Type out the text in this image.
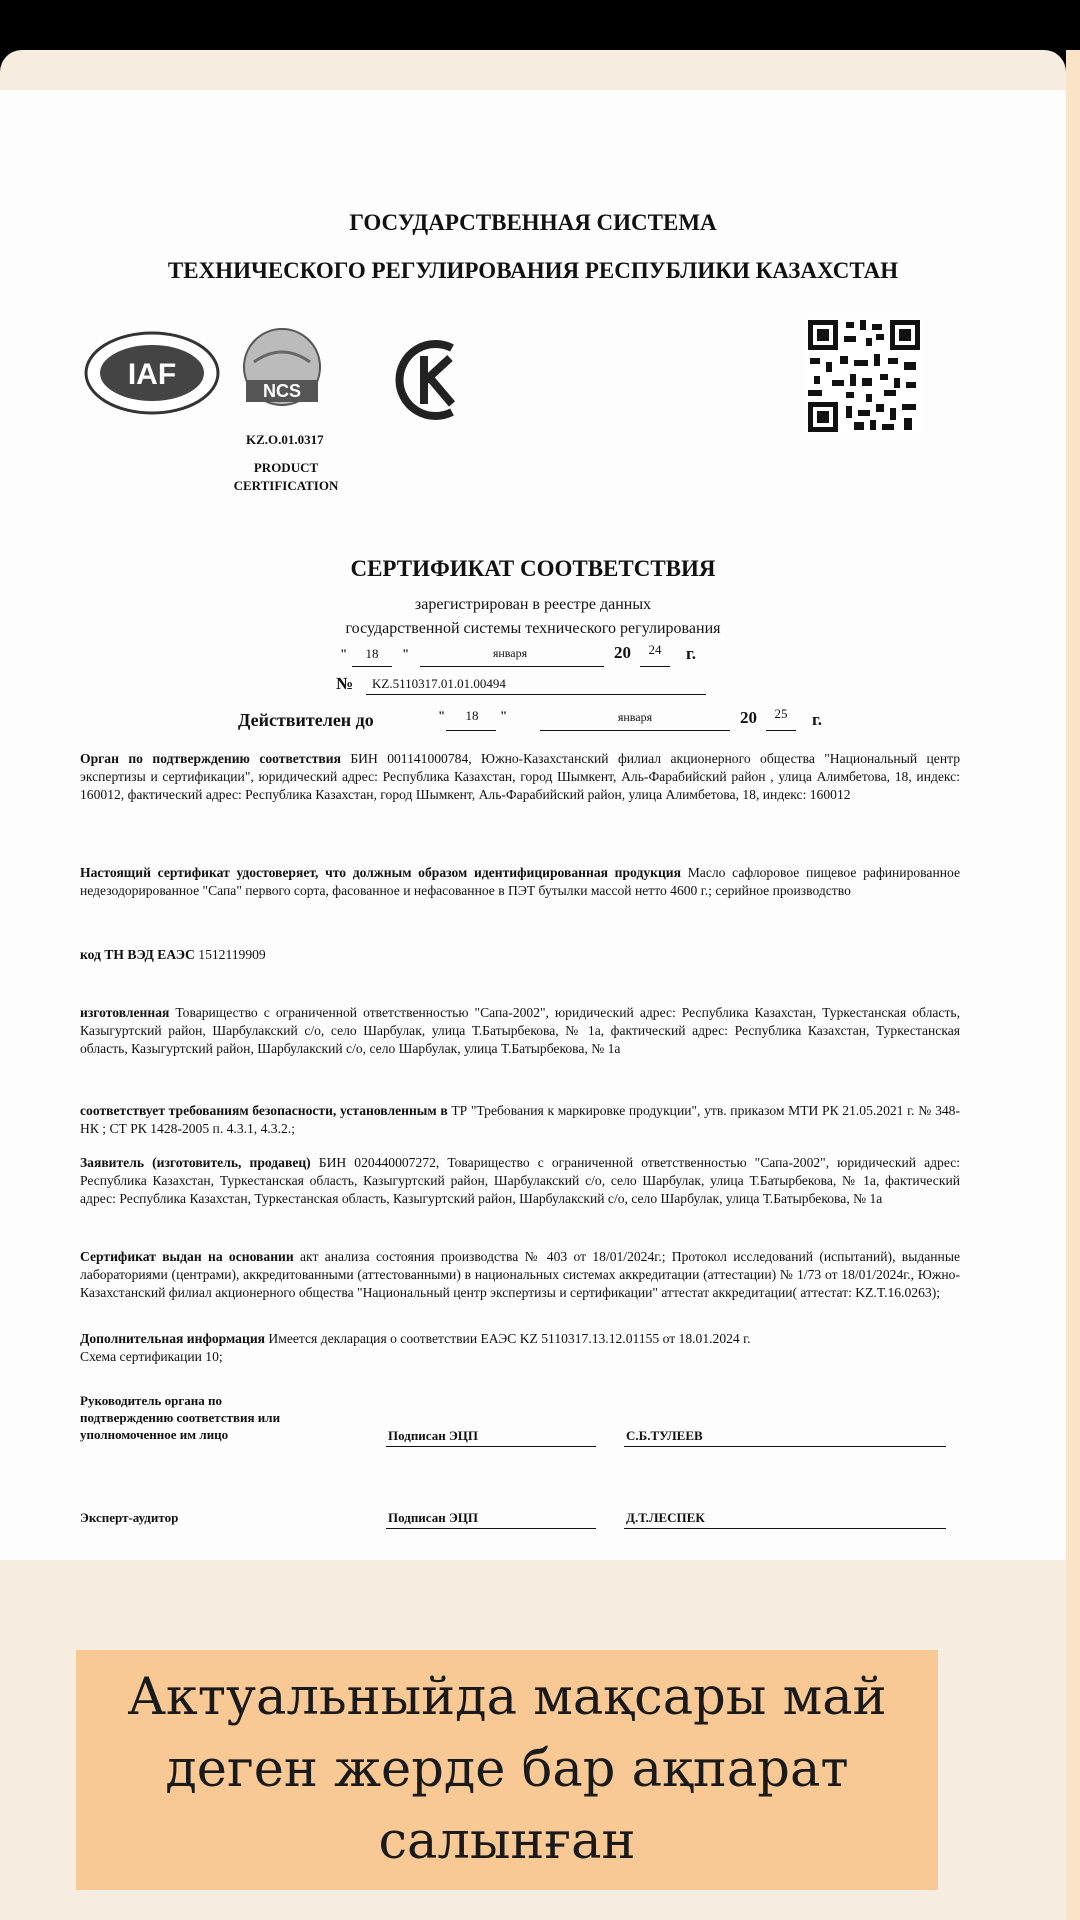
ГОСУДАРСТВЕННАЯ СИСТЕМА
ТЕХНИЧЕСКОГО РЕГУЛИРОВАНИЯ РЕСПУБЛИКИ КАЗАХСТАН
IAF	NCS
KZ.O.01.0317
PRODUCT
CERTIFICATION
СЕРТИФИКАТ СООТВЕТСТВИЯ
зарегистрирован в реестре данных
государственной системы технического регулирования
"	18	"	января	20	24	г.
№ KZ.5110317.01.01.00494
Действителен до	"	18	"	января	20	25	г.
Орган по подтверждению соответствия БИН 001141000784, Южно-Казахстанский филиал акционерного общества "Национальный центр экспертизы и сертификации", юридический адрес: Республика Казахстан, город Шымкент, Аль-Фарабийский район , улица Алимбетова, 18, индекс: 160012, фактический адрес: Республика Казахстан, город Шымкент, Аль-Фарабийский район, улица Алимбетова, 18, индекс: 160012
Настоящий сертификат удостоверяет, что должным образом идентифицированная продукция Масло сафлоровое пищевое рафинированное недезодорированное "Сапа" первого сорта, фасованное и нефасованное в ПЭТ бутылки массой нетто 4600 г.; серийное производство
код ТН ВЭД ЕАЭС 1512119909
изготовленная Товарищество с ограниченной ответственностью "Сапа-2002", юридический адрес: Республика Казахстан, Туркестанская область, Казыгуртский район, Шарбулакский с/о, село Шарбулак, улица Т.Батырбекова, № 1а, фактический адрес: Республика Казахстан, Туркестанская область, Казыгуртский район, Шарбулакский с/о, село Шарбулак, улица Т.Батырбекова, № 1а
соответствует требованиям безопасности, установленным в ТР "Требования к маркировке продукции", утв. приказом МТИ РК 21.05.2021 г. № 348-НК ; СТ РК 1428-2005 п. 4.3.1, 4.3.2.;
Заявитель (изготовитель, продавец) БИН 020440007272, Товарищество с ограниченной ответственностью "Сапа-2002", юридический адрес: Республика Казахстан, Туркестанская область, Казыгуртский район, Шарбулакский с/о, село Шарбулак, улица Т.Батырбекова, № 1а, фактический адрес: Республика Казахстан, Туркестанская область, Казыгуртский район, Шарбулакский с/о, село Шарбулак, улица Т.Батырбекова, № 1а
Сертификат выдан на основании акт анализа состояния производства № 403 от 18/01/2024г.; Протокол исследований (испытаний), выданные лабораториями (центрами), аккредитованными (аттестованными) в национальных системах аккредитации (аттестации) № 1/73 от 18/01/2024г., Южно-Казахстанский филиал акционерного общества "Национальный центр экспертизы и сертификации" аттестат аккредитации( аттестат: KZ.T.16.0263);
Дополнительная информация Имеется декларация о соответствии ЕАЭС KZ 5110317.13.12.01155 от 18.01.2024 г.
Схема сертификации 10;
Руководитель органа по
подтверждению соответствия или
уполномоченное им лицо	Подписан ЭЦП	С.Б.ТУЛЕЕВ
Эксперт-аудитор	Подписан ЭЦП	Д.Т.ЛЕСПЕК
Актуальныйда мақсары май деген жерде бар ақпарат салынған
